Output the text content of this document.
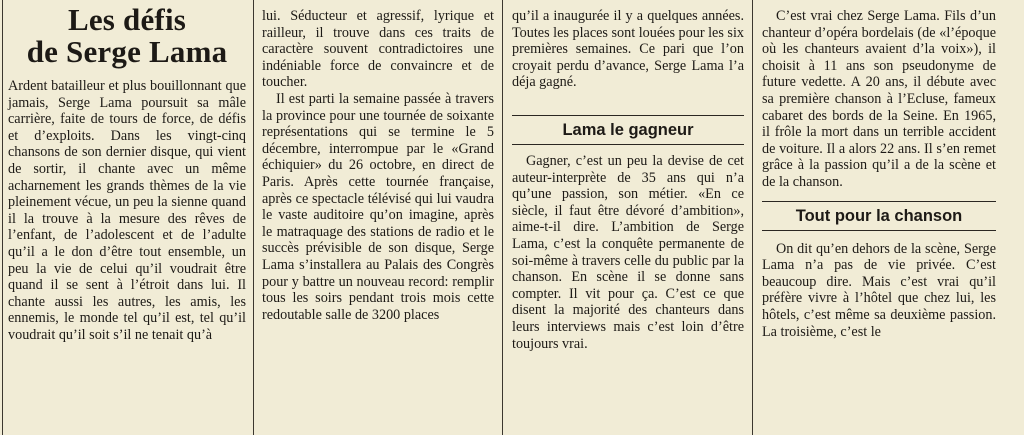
Les défis
de Serge Lama

Ardent batailleur et plus bouillonnant que jamais, Serge Lama poursuit sa mâle carrière, faite de tours de force, de défis et d’exploits. Dans les vingt-cinq chansons de son dernier disque, qui vient de sortir, il chante avec un même acharnement les grands thèmes de la vie pleinement vécue, un peu la sienne quand il la trouve à la mesure des rêves de l’enfant, de l’adolescent et de l’adulte qu’il a le don d’être tout ensemble, un peu la vie de celui qu’il voudrait être quand il se sent à l’étroit dans lui. Il chante aussi les autres, les amis, les ennemis, le monde tel qu’il est, tel qu’il voudrait qu’il soit s’il ne tenait qu’à

lui. Séducteur et agressif, lyrique et railleur, il trouve dans ces traits de caractère souvent contradictoires une indéniable force de convaincre et de toucher.

Il est parti la semaine passée à travers la province pour une tournée de soixante représentations qui se termine le 5 décembre, interrompue par le «Grand échiquier» du 26 octobre, en direct de Paris. Après cette tournée française, après ce spectacle télévisé qui lui vaudra le vaste auditoire qu’on imagine, après le matraquage des stations de radio et le succès prévisible de son disque, Serge Lama s’installera au Palais des Congrès pour y battre un nouveau record: remplir tous les soirs pendant trois mois cette redoutable salle de 3200 places

qu’il a inaugurée il y a quelques années. Toutes les places sont louées pour les six premières semaines. Ce pari que l’on croyait perdu d’avance, Serge Lama l’a déja gagné.

Lama le gagneur

Gagner, c’est un peu la devise de cet auteur-interprète de 35 ans qui n’a qu’une passion, son métier. «En ce siècle, il faut être dévoré d’ambition», aime-t-il dire. L’ambition de Serge Lama, c’est la conquête permanente de soi-même à travers celle du public par la chanson. En scène il se donne sans compter. Il vit pour ça. C’est ce que disent la majorité des chanteurs dans leurs interviews mais c’est loin d’être toujours vrai.

C’est vrai chez Serge Lama. Fils d’un chanteur d’opéra bordelais (de «l’époque où les chanteurs avaient d’la voix»), il choisit à 11 ans son pseudonyme de future vedette. A 20 ans, il débute avec sa première chanson à l’Ecluse, fameux cabaret des bords de la Seine. En 1965, il frôle la mort dans un terrible accident de voiture. Il a alors 22 ans. Il s’en remet grâce à la passion qu’il a de la scène et de la chanson.

Tout pour la chanson

On dit qu’en dehors de la scène, Serge Lama n’a pas de vie privée. C’est beaucoup dire. Mais c’est vrai qu’il préfère vivre à l’hôtel que chez lui, les hôtels, c’est même sa deuxième passion. La troisième, c’est le
